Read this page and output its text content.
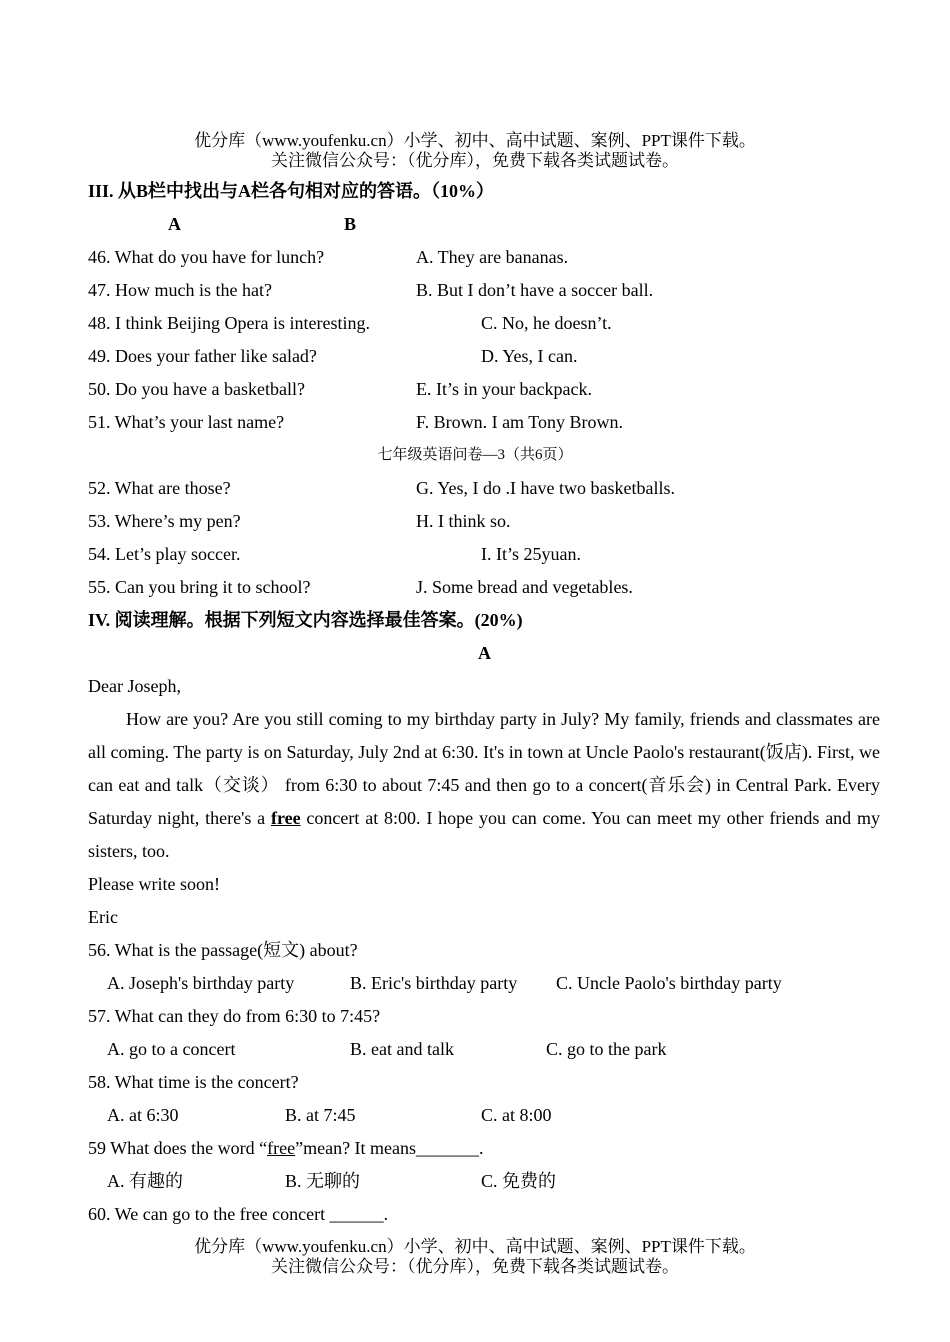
优分库（www.youfenku.cn）小学、初中、高中试题、案例、PPT课件下载。
关注微信公众号：（优分库），免费下载各类试题试卷。
III. 从B栏中找出与A栏各句相对应的答语。（10%）
A	B
46. What do you have for lunch?	A. They are bananas.
47. How much is the hat?	B. But I don’t have a soccer ball.
48. I think Beijing Opera is interesting.	C. No, he doesn’t.
49. Does your father like salad?	D. Yes, I can.
50. Do you have a basketball?	E. It’s in your backpack.
51. What’s your last name?	F. Brown. I am Tony Brown.
七年级英语问卷—3（共6页）
52. What are those?	G. Yes, I do .I have two basketballs.
53. Where’s my pen?	H. I think so.
54. Let’s play soccer.	I. It’s 25yuan.
55. Can you bring it to school?	J. Some bread and vegetables.
IV. 阅读理解。根据下列短文内容选择最佳答案。(20%)
A
Dear Joseph,
How are you? Are you still coming to my birthday party in July? My family, friends and classmates are all coming. The party is on Saturday, July 2nd at 6:30. It's in town at Uncle Paolo's restaurant(饭店). First, we can eat and talk（交谈） from 6:30 to about 7:45 and then go to a concert(音乐会) in Central Park. Every Saturday night, there's a free concert at 8:00. I hope you can come. You can meet my other friends and my sisters, too.
Please write soon!
Eric
56. What is the passage(短文) about?
A. Joseph's birthday party	B. Eric's birthday party C. Uncle Paolo's birthday party
57. What can they do from 6:30 to 7:45?
A. go to a concert	B. eat and talk	C. go to the park
58. What time is the concert?
A. at 6:30	B. at 7:45	C. at 8:00
59 What does the word “free”mean? It means_______.
A. 有趣的	B. 无聊的	C. 免费的
60. We can go to the free concert ______.
优分库（www.youfenku.cn）小学、初中、高中试题、案例、PPT课件下载。
关注微信公众号：（优分库），免费下载各类试题试卷。
